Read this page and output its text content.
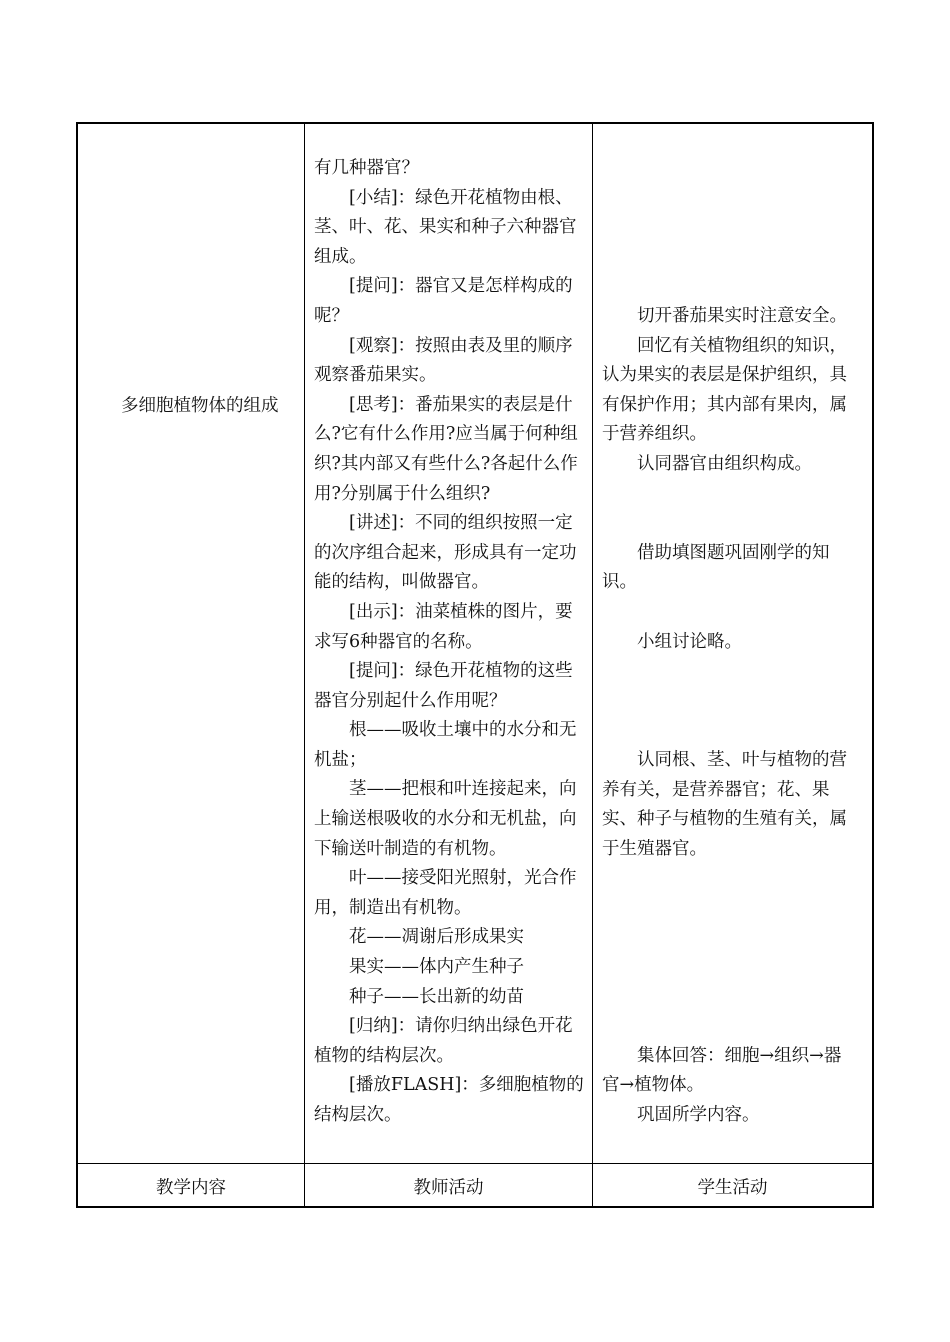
多细胞植物体的组成

有几种器官？

[小结]：绿色开花植物由根、茎、叶、花、果实和种子六种器官组成。

[提问]：器官又是怎样构成的呢？

[观察]：按照由表及里的顺序观察番茄果实。

[思考]：番茄果实的表层是什么?它有什么作用?应当属于何种组织?其内部又有些什么?各起什么作用?分别属于什么组织?

[讲述]：不同的组织按照一定的次序组合起来，形成具有一定功能的结构，叫做器官。

[出示]：油菜植株的图片，要求写6种器官的名称。

[提问]：绿色开花植物的这些器官分别起什么作用呢？

根——吸收土壤中的水分和无机盐；

茎——把根和叶连接起来，向上输送根吸收的水分和无机盐，向下输送叶制造的有机物。

叶——接受阳光照射，光合作用，制造出有机物。

花——凋谢后形成果实

果实——体内产生种子

种子——长出新的幼苗

[归纳]：请你归纳出绿色开花植物的结构层次。

[播放FLASH]：多细胞植物的结构层次。

切开番茄果实时注意安全。

回忆有关植物组织的知识，认为果实的表层是保护组织，具有保护作用；其内部有果肉，属于营养组织。

认同器官由组织构成。

借助填图题巩固刚学的知识。

小组讨论略。

认同根、茎、叶与植物的营养有关，是营养器官；花、果实、种子与植物的生殖有关，属于生殖器官。

集体回答：细胞→组织→器官→植物体。

巩固所学内容。

教学内容	教师活动	学生活动
